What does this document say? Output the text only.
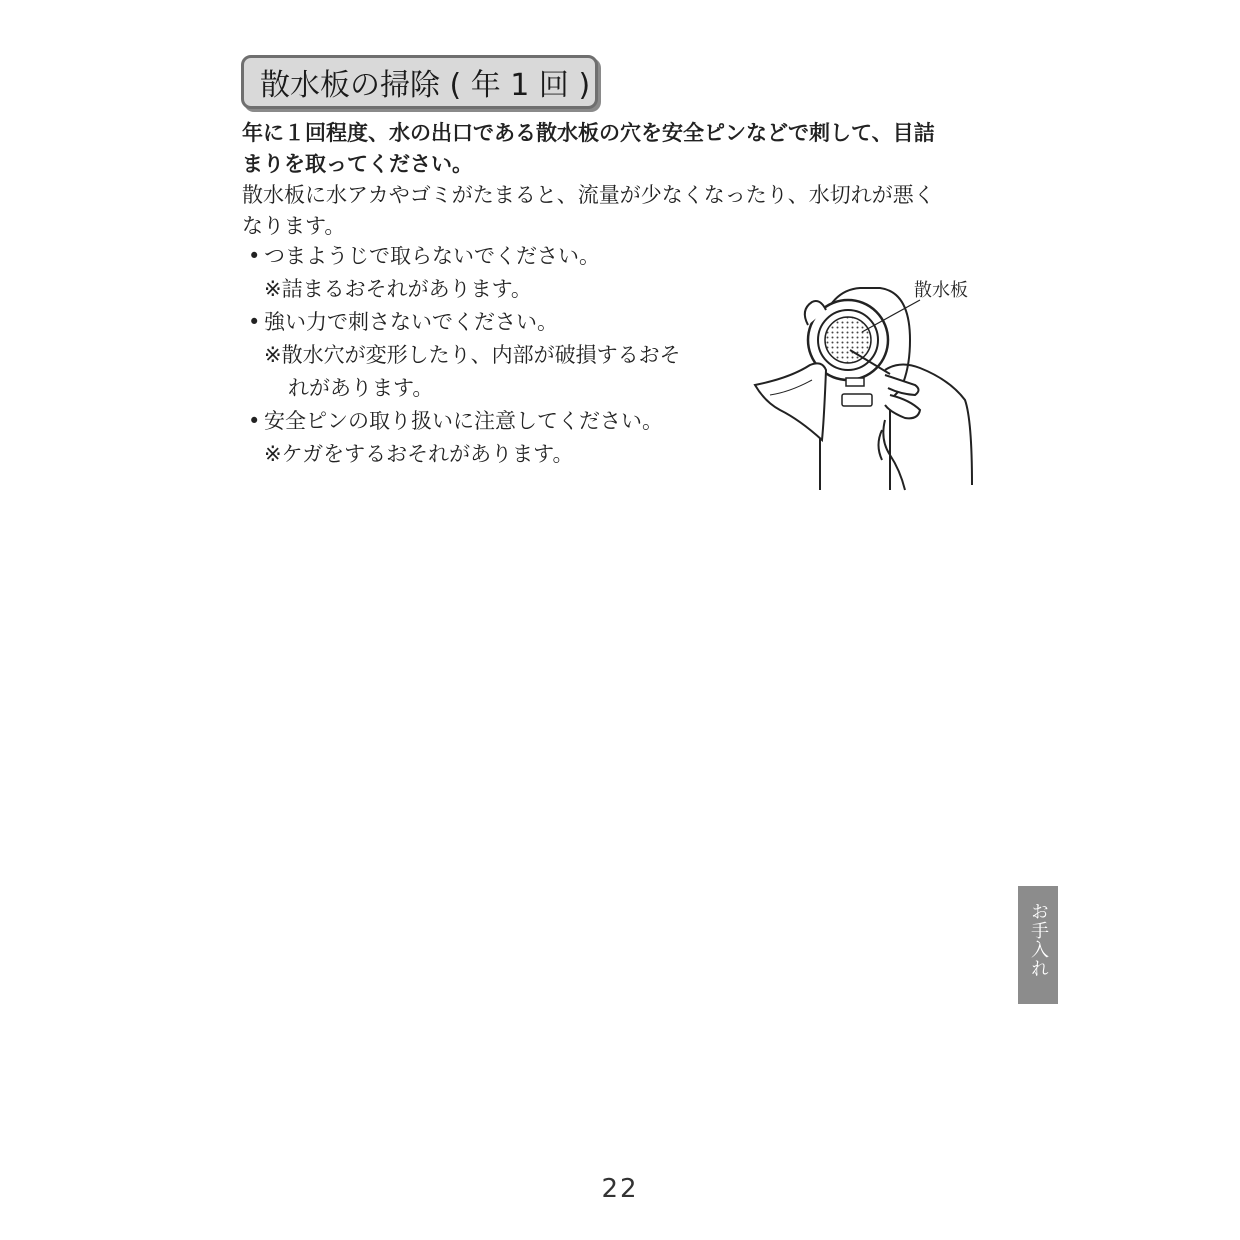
散水板の掃除 ( 年 1 回 )

年に１回程度、水の出口である散水板の穴を安全ピンなどで刺して、目詰

まりを取ってください。

散水板に水アカやゴミがたまると、流量が少なくなったり、水切れが悪く

なります。

• つまようじで取らないでください。
※詰まるおそれがあります。
• 強い力で刺さないでください。
※散水穴が変形したり、内部が破損するおそ
れがあります。
• 安全ピンの取り扱いに注意してください。
※ケガをするおそれがあります。
散水板
お手入れ
22
